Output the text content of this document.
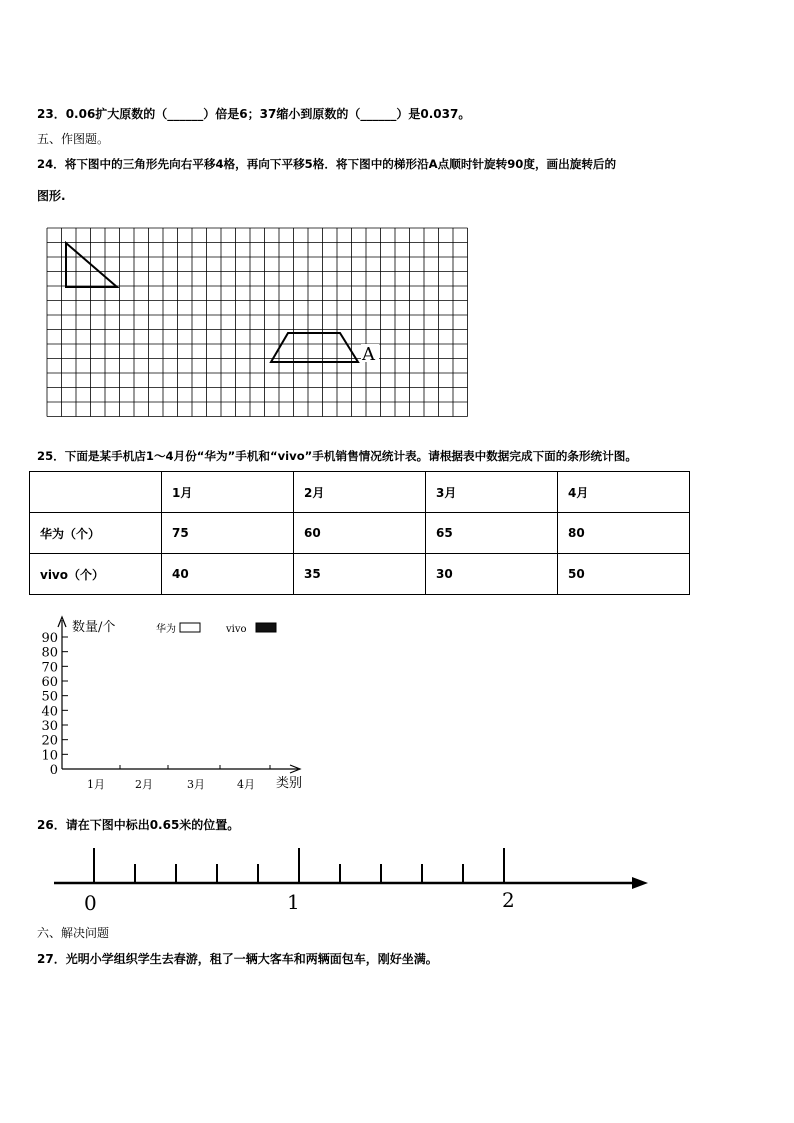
23．0.06扩大原数的（______）倍是6；37缩小到原数的（______）是0.037。
五、作图题。
24．将下图中的三角形先向右平移4格，再向下平移5格．将下图中的梯形沿A点顺时针旋转90度，画出旋转后的
图形.
A
25．下面是某手机店1～4月份“华为”手机和“vivo”手机销售情况统计表。请根据表中数据完成下面的条形统计图。
	1月	2月	3月	4月
华为（个）	75	60	65	80
vivo（个）	40	35	30	50
0
10
20
30
40
50
60
70
80
90
1月	2月	3月	4月
数量/个	华为	vivo
类别
26．请在下图中标出0.65米的位置。
0	1	2
六、解决问题
27．光明小学组织学生去春游，租了一辆大客车和两辆面包车，刚好坐满。
